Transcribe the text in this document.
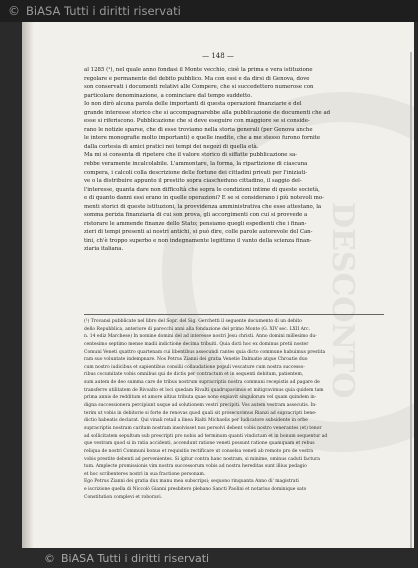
© BiASA Tutti i diritti riservati
DESCONTO
— 148 —
al 1285 (¹), nel quale anno fondasi il Monte vecchio, cioè la prima e vera istituzione
regolare e permanente del debito pubblico. Ma con essi e da dirsi di Genova, dove
son conservati i documenti relativi alle Compere, che si succedettero numerose con
particolare denominazione, a cominciare dal tempo suddetto.
Io non dirò alcuna parola delle importanti di questa operazioni finanziarie e del
grande interesse storico che si accompagnarebbe alla pubblicazione de documenti che ad
esse si riferiscono. Pubblicazione che si deve eseguire con maggiore se si conside-
rano le notizie sparse, che di esse troviamo nella storia generali (per Genova anche
le intere monografie molto importanti) e quelle inedite, che a me stesso furono fornite
dalla cortesia di amici pratici nei tempi dei negozi di quella età.
Ma mi si consenta di ripetere che il valore storico di siffatte pubblicazione sa-
rebbe veramente incalcolabile. L'ammontare, la forma, la ripartizione di ciascuna
compera, i calcoli colla descrizione delle fortune dei cittadini privati per l'iniziati-
ve o la distribuire appunto il prestito sopra ciascheduno cittadino, il saggio del-
l'interesse, quanta dare non difficoltà che sopra le condizioni intime di queste società,
e di quanto danni essi erano in quelle operazioni? E se si considerano i più notevoli mo-
menti storici di queste istituzioni, la provvidenza amministrativa che esse attestano, la
somma perizia finanziaria di cui son prova, gli accorgimenti con cui si provvede a
ristorare le ammende finanze dello Stato; pensiamo quegli espedienti che i finan-
zieri di tempi presenti ai nostri antichi, si può dire, colle parole autorevole del Can-
tini, ch'è troppo superbo e non indegnamente legittimo il vanto della scienza finan-
ziaria italiana.
(¹) Trovansi pubblicate nel libro del Sopr. del Sig. Gerchetti il seguente documento di un debito
dello Repubblica, anteriore di parecchi anni alla fondazione del primo Monte (G. XIV sec. LXII Arc.
n. 14 ediz Marchese) In nomine domini del ad interesse nostri Jesu christi. Anno domini millesimo du-
centesimo septimo mense madii indictione decima tribuiti. Quia dicti hoc ex dominus pretii noster
Comuni Veneti quattro quartenam cui libentibus assecundi rantes quia dicto commune habuimus prestita
ram suo voluntate indempnare. Nos Petrus Zianni dei gratia Venetie Dalmatie atque Chroatie duo
cum nostro iudicibus et sapientibus consilii collaudatione populi vescature cum nostra successo-
ribus cocumitate vobis omnibus qui de dictis per contractum et in sequenti debitum, patientem,
sum autem de deo summa care de tribus nostrum supracriptis nostra communi recepistis ad pagare de
transferre utilitatem de Rivoalto et loci quedam Rivalti quadrupavimus et mitigravimus quia quidem tam
prima annis de redditum et amore altius tributa quae nono expiavit singulorum vel quam quindem in-
digna successionera percipiunt usque ad solutionem vestri precipiti. Vos autem vestram assecutis. In-
terim ut vobis in debitorie si forte de renovas quod quali sit prosecuvimus Rianzi ad supracripti bene-
dictio habeatis declarat. Qui vinali retail a linea Rialti Michaelis per Iudicatore subsidente in orbe
supracriptis nostram caritam nostram insolvisset nos persolvi debent vobis nostro venerantes (et) tenor
ad sollicitatem sepultum sub prescripti pro nobis ad terminum quanti vindictam et in bonum sequentur ad
que vestram quod si in ratia accidenti, accendunt ratione veneti possunt ratione quamquam et rebus
reliqua de nostri Communi bonus et requisitis rectificare ut conselsa veneti ab remoto pro de vestra
vobis prestite debenti ad pervenientes. Si igitur contra hanc nostram, si minime, ominus caduti factura
tum. Amplecte promissionis vim nostra successorum vobis ad nostra hereditas sunt illius pedagio
et hoc scribenteres nostri in sua fractione personam.
Ego Petrus Zianni dei gratia dux manu mea subscripsi; sequono rinquanta Anno di' magistrati
e iscrizione quella di Niccolò Gianni presbitero plebano Sancti Paolini et notarius dominique sato
Constitution complevi et roboravi.
© BiASA Tutti i diritti riservati
